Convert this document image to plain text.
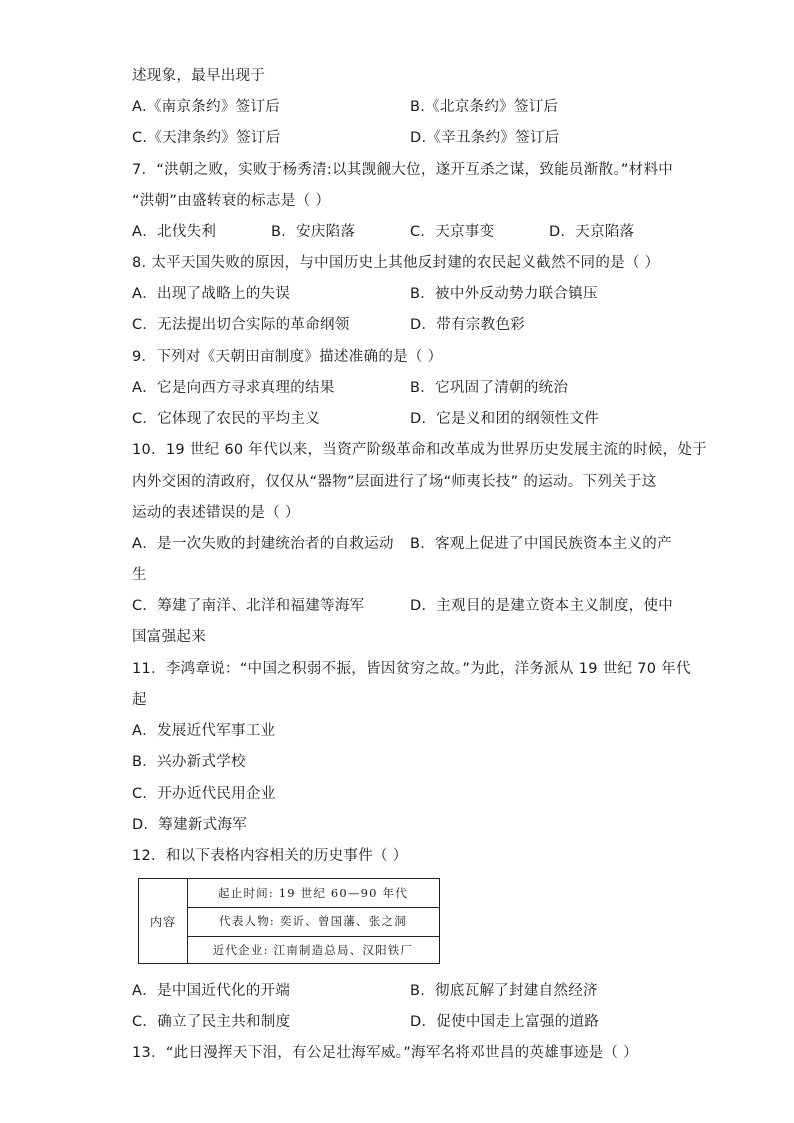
述现象，最早出现于
A.《南京条约》签订后	B.《北京条约》签订后
C.《天津条约》签订后	D.《辛丑条约》签订后
7．“洪朝之败，实败于杨秀清:以其觊觎大位，遂开互杀之谋，致能员渐散。”材料中
“洪朝”由盛转衰的标志是（ ）
A．北伐失利	B．安庆陷落	C．天京事变	D．天京陷落
8. 太平天国失败的原因，与中国历史上其他反封建的农民起义截然不同的是（ ）
A．出现了战略上的失误	B．被中外反动势力联合镇压
C．无法提出切合实际的革命纲领	D．带有宗教色彩
9．下列对《天朝田亩制度》描述准确的是（ ）
A．它是向西方寻求真理的结果	B．它巩固了清朝的统治
C．它体现了农民的平均主义	D．它是义和团的纲领性文件
10．19 世纪 60 年代以来，当资产阶级革命和改革成为世界历史发展主流的时候，处于
内外交困的清政府，仅仅从“器物”层面进行了场“师夷长技” 的运动。下列关于这
运动的表述错误的是（ ）
A．是一次失败的封建统治者的自救运动 B．客观上促进了中国民族资本主义的产
生
C．筹建了南洋、北洋和福建等海军	D．主观目的是建立资本主义制度，使中
国富强起来
11．李鸿章说：“中国之积弱不振，皆因贫穷之故。”为此，洋务派从 19 世纪 70 年代
起
A．发展近代军事工业
B．兴办新式学校
C．开办近代民用企业
D．筹建新式海军
12．和以下表格内容相关的历史事件（ ）
内容
起止时间: 19 世纪 60—90 年代
代表人物: 奕䜣、曾国藩、张之洞
近代企业: 江南制造总局、汉阳铁厂
A．是中国近代化的开端	B．彻底瓦解了封建自然经济
C．确立了民主共和制度	D．促使中国走上富强的道路
13．“此日漫挥天下泪，有公足壮海军威。”海军名将邓世昌的英雄事迹是（ ）
